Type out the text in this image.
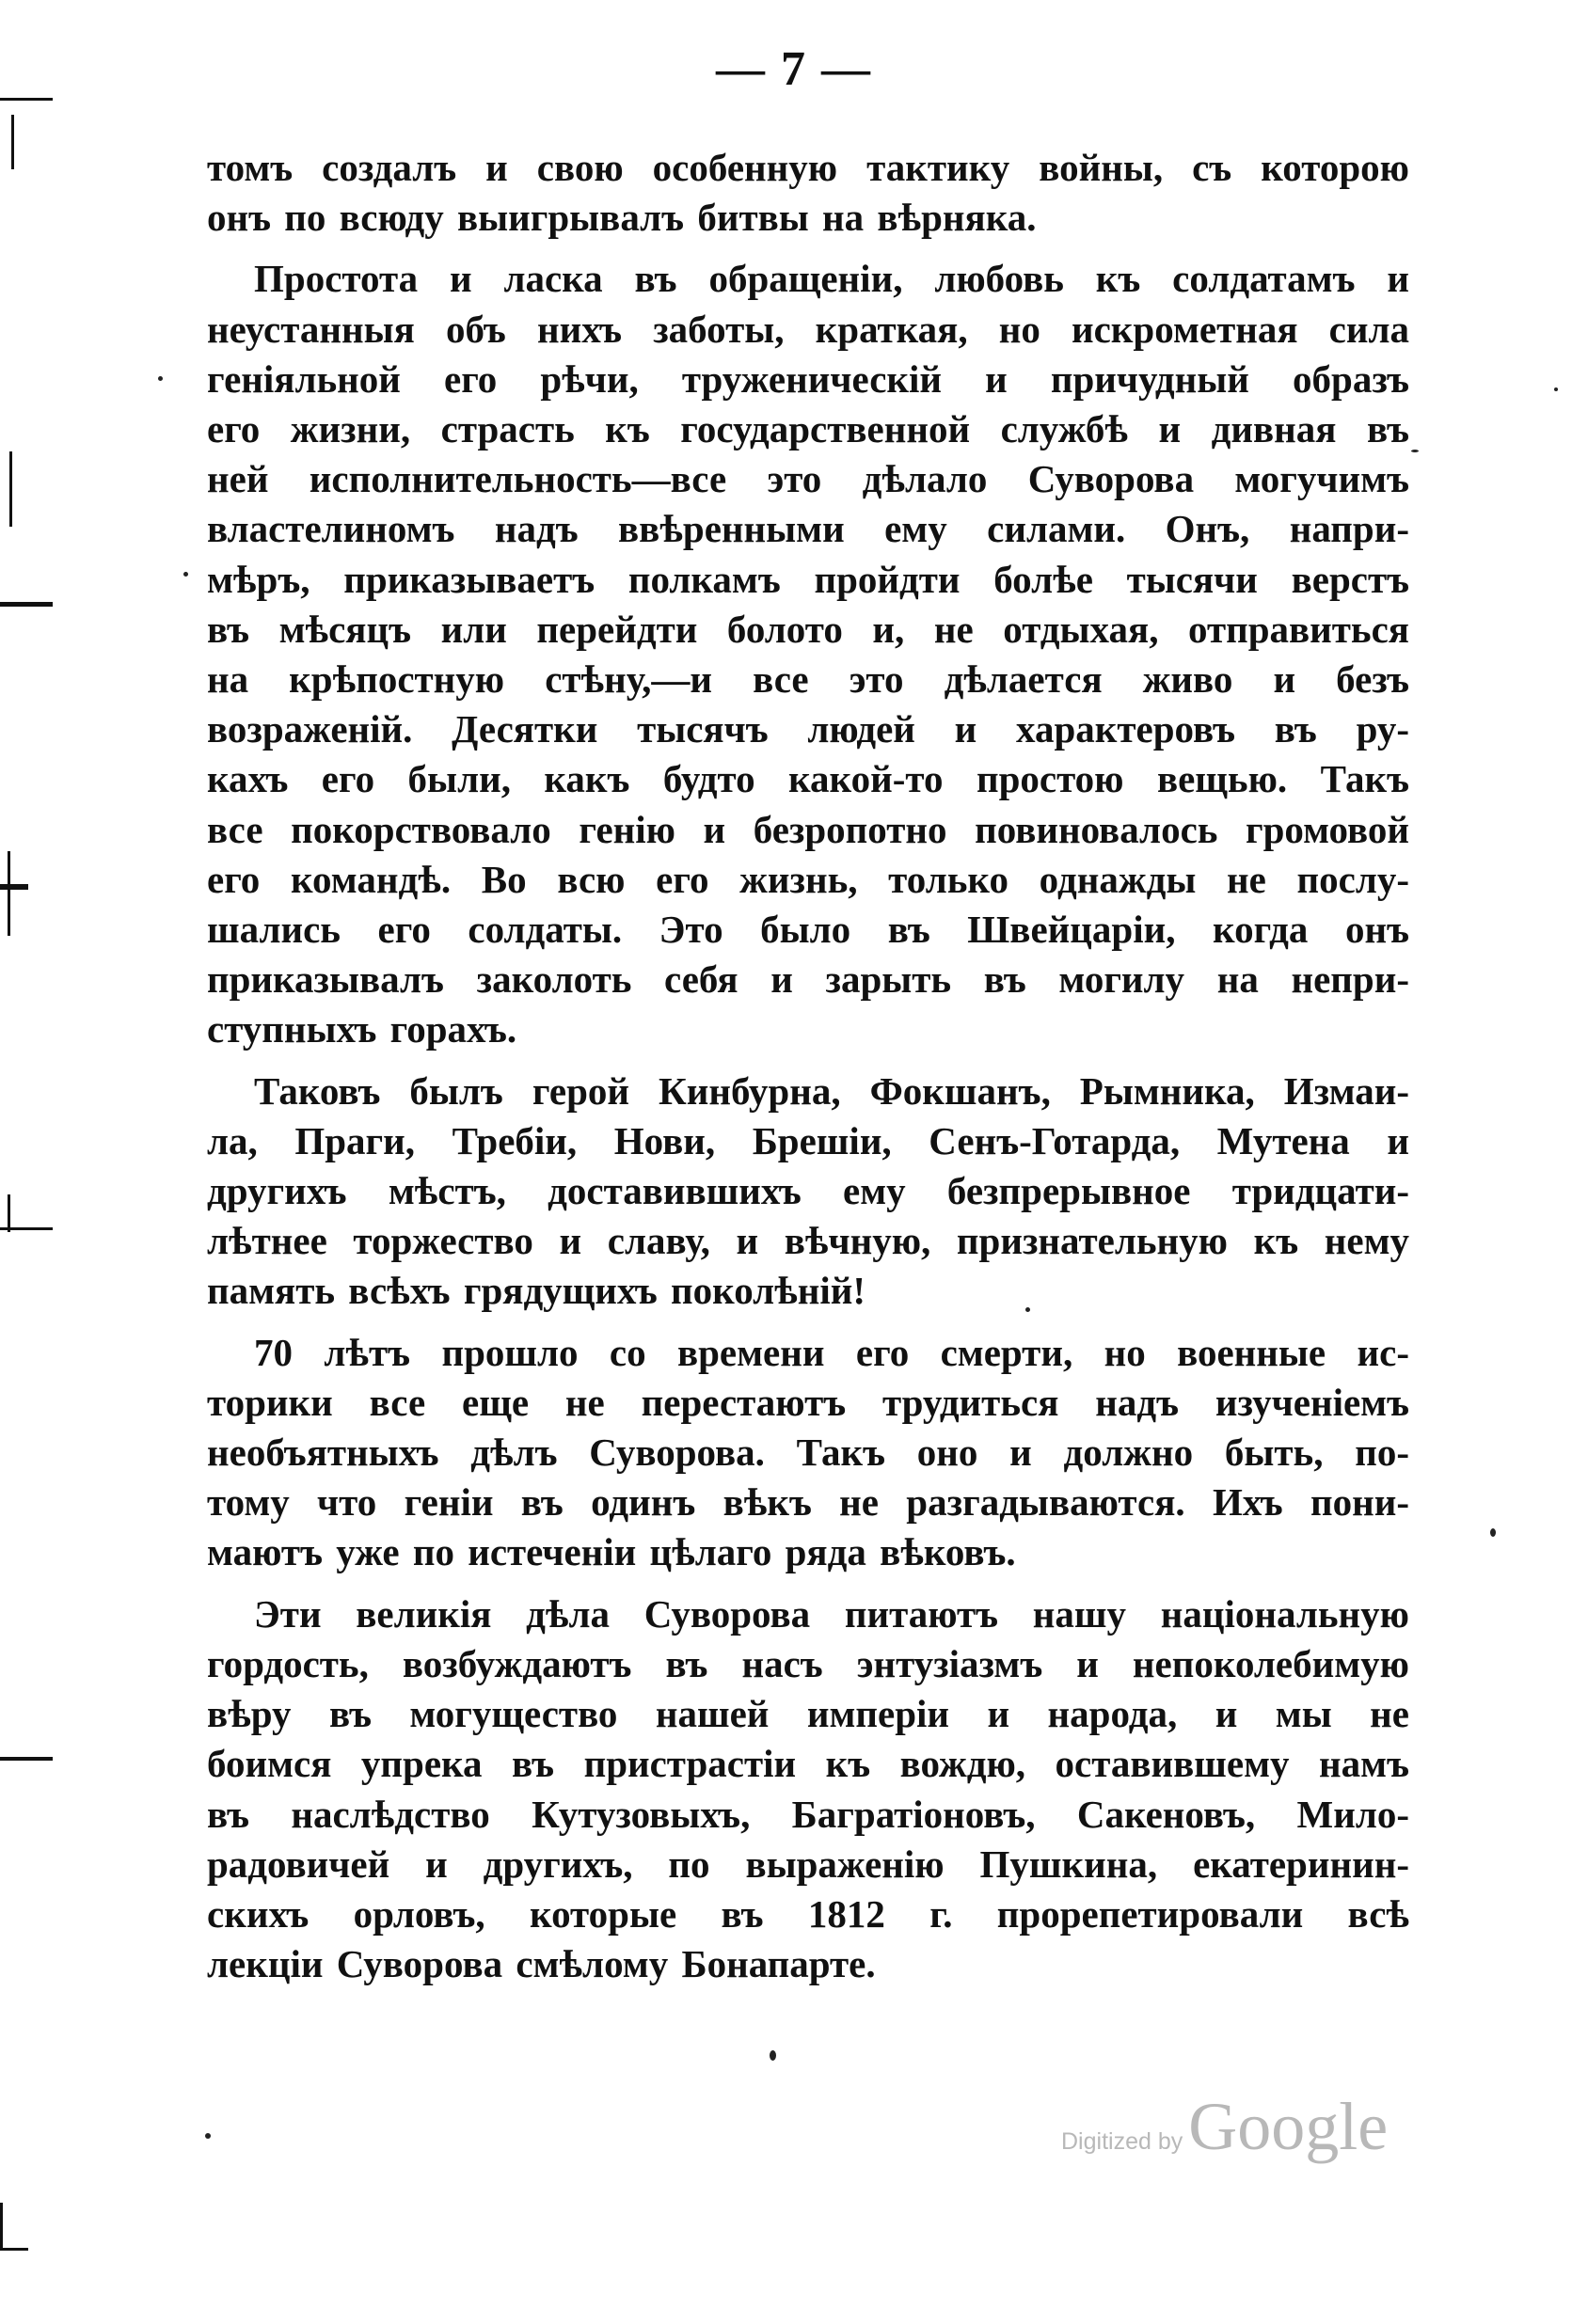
— 7 —
томъ создалъ и свою особенную тактику войны, съ которою
онъ по всюду выигрывалъ битвы на вѣрняка.
Простота и ласка въ обращеніи, любовь къ солдатамъ и
неустанныя объ нихъ заботы, краткая, но искрометная сила
геніяльной его рѣчи, труженическій и причудный образъ
его жизни, страсть къ государственной службѣ и дивная въ
ней исполнительность—все это дѣлало Суворова могучимъ
властелиномъ надъ ввѣренными ему силами. Онъ, напри-
мѣръ, приказываетъ полкамъ пройдти болѣе тысячи верстъ
въ мѣсяцъ или перейдти болото и, не отдыхая, отправиться
на крѣпостную стѣну,—и все это дѣлается живо и безъ
возраженій. Десятки тысячъ людей и характеровъ въ ру-
кахъ его были, какъ будто какой-то простою вещью. Такъ
все покорствовало генію и безропотно повиновалось громовой
его командѣ. Во всю его жизнь, только однажды не послу-
шались его солдаты. Это было въ Швейцаріи, когда онъ
приказывалъ заколоть себя и зарыть въ могилу на непри-
ступныхъ горахъ.
Таковъ былъ герой Кинбурна, Фокшанъ, Рымника, Измаи-
ла, Праги, Требіи, Нови, Брешіи, Сенъ-Готарда, Мутена и
другихъ мѣстъ, доставившихъ ему безпрерывное тридцати-
лѣтнее торжество и славу, и вѣчную, признательную къ нему
память всѣхъ грядущихъ поколѣній!
70 лѣтъ прошло со времени его смерти, но военные ис-
торики все еще не перестаютъ трудиться надъ изученіемъ
необъятныхъ дѣлъ Суворова. Такъ оно и должно быть, по-
тому что геніи въ одинъ вѣкъ не разгадываются. Ихъ пони-
маютъ уже по истеченіи цѣлаго ряда вѣковъ.
Эти великія дѣла Суворова питаютъ нашу національную
гордость, возбуждаютъ въ насъ энтузіазмъ и непоколебимую
вѣру въ могущество нашей имперіи и народа, и мы не
боимся упрека въ пристрастіи къ вождю, оставившему намъ
въ наслѣдство Кутузовыхъ, Багратіоновъ, Сакеновъ, Мило-
радовичей и другихъ, по выраженію Пушкина, екатеринин-
скихъ орловъ, которые въ 1812 г. прорепетировали всѣ
лекціи Суворова смѣлому Бонапарте.
Digitized by Google
